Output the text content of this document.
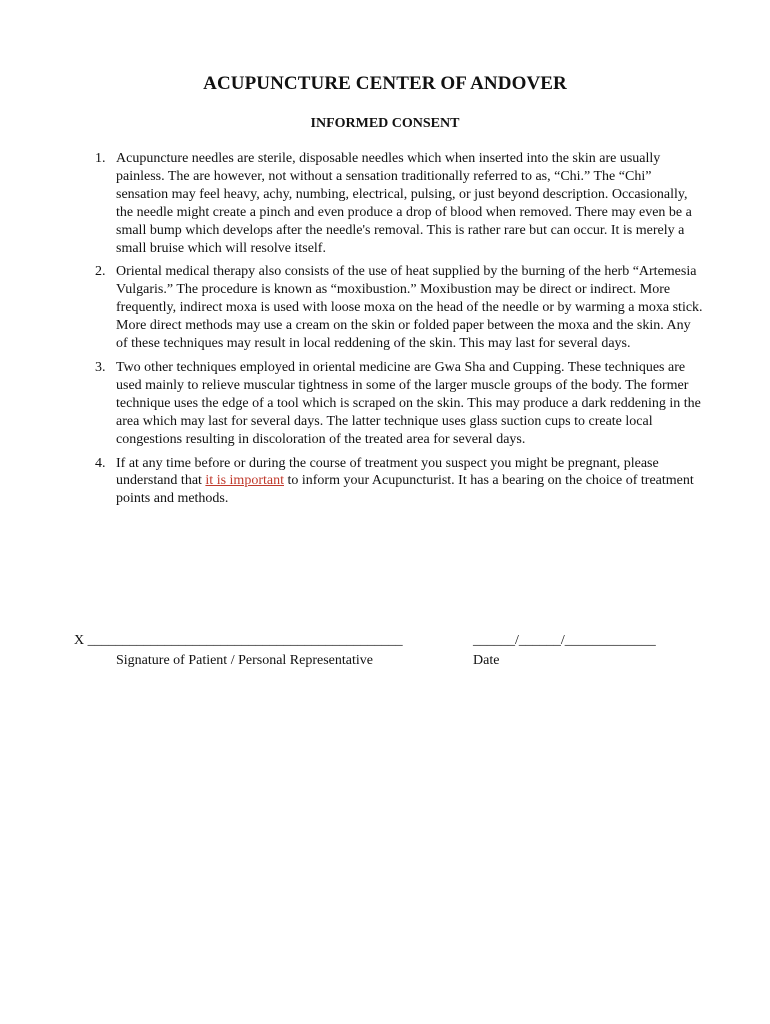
ACUPUNCTURE CENTER OF ANDOVER
INFORMED CONSENT
1. Acupuncture needles are sterile, disposable needles which when inserted into the skin are usually painless. The are however, not without a sensation traditionally referred to as, “Chi.” The “Chi” sensation may feel heavy, achy, numbing, electrical, pulsing, or just beyond description. Occasionally, the needle might create a pinch and even produce a drop of blood when removed. There may even be a small bump which develops after the needle's removal. This is rather rare but can occur. It is merely a small bruise which will resolve itself.
2. Oriental medical therapy also consists of the use of heat supplied by the burning of the herb “Artemesia Vulgaris.” The procedure is known as “moxibustion.” Moxibustion may be direct or indirect. More frequently, indirect moxa is used with loose moxa on the head of the needle or by warming a moxa stick. More direct methods may use a cream on the skin or folded paper between the moxa and the skin. Any of these techniques may result in local reddening of the skin. This may last for several days.
3. Two other techniques employed in oriental medicine are Gwa Sha and Cupping. These techniques are used mainly to relieve muscular tightness in some of the larger muscle groups of the body. The former technique uses the edge of a tool which is scraped on the skin. This may produce a dark reddening in the area which may last for several days. The latter technique uses glass suction cups to create local congestions resulting in discoloration of the treated area for several days.
4. If at any time before or during the course of treatment you suspect you might be pregnant, please understand that it is important to inform your Acupuncturist. It has a bearing on the choice of treatment points and methods.
X _____________________________________________
Signature of Patient / Personal Representative
______/______/_____________
Date
